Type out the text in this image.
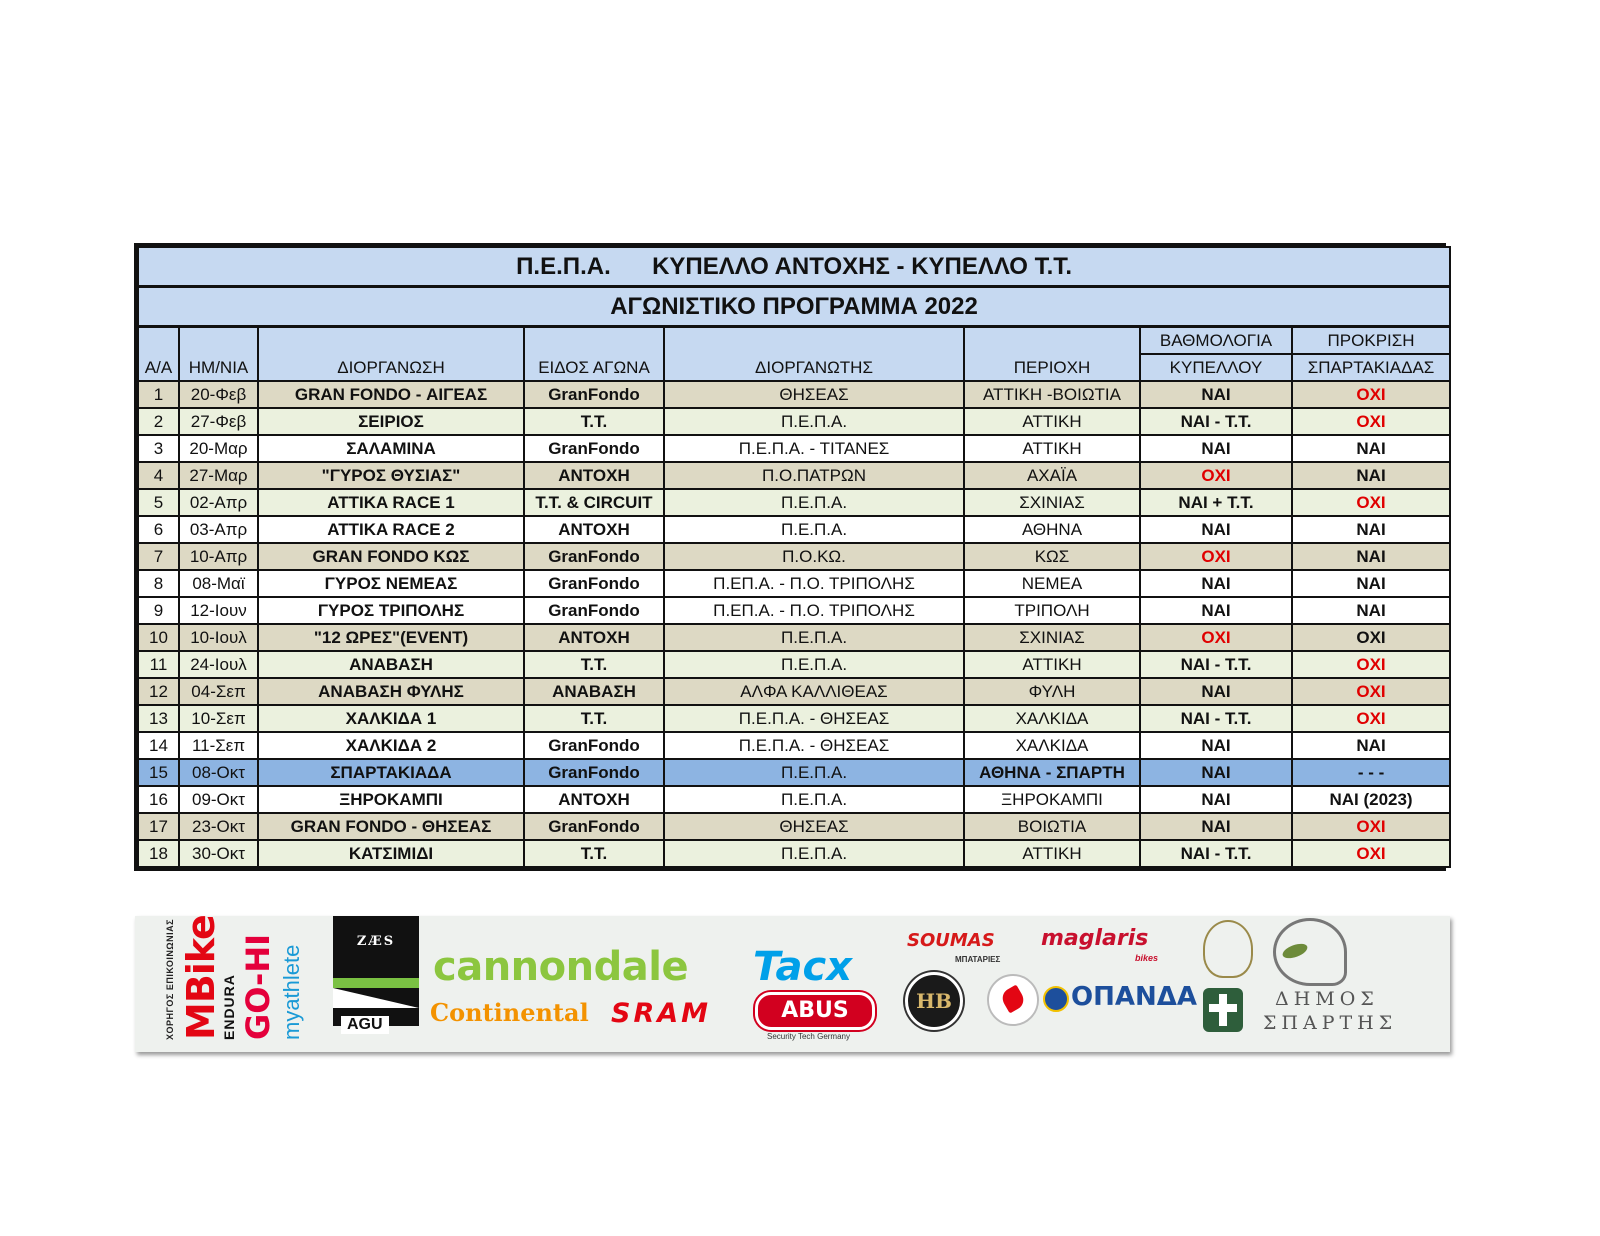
Π.Ε.Π.Α. ΚΥΠΕΛΛΟ ΑΝΤΟΧΗΣ - ΚΥΠΕΛΛΟ Τ.Τ.							
ΑΓΩΝΙΣΤΙΚΟ ΠΡΟΓΡΑΜΜΑ 2022							
Α/Α	ΗΜ/ΝΙΑ	ΔΙΟΡΓΑΝΩΣΗ	ΕΙΔΟΣ ΑΓΩΝΑ	ΔΙΟΡΓΑΝΩΤΗΣ	ΠΕΡΙΟΧΗ	ΒΑΘΜΟΛΟΓΙΑ	ΠΡΟΚΡΙΣΗ
						ΚΥΠΕΛΛΟΥ	ΣΠΑΡΤΑΚΙΑΔΑΣ
1	20-Φεβ	GRAN FONDO - ΑΙΓΕΑΣ	GranFondo	ΘΗΣΕΑΣ	ΑΤΤΙΚΗ -ΒΟΙΩΤΙΑ	ΝΑΙ	ΟΧΙ
2	27-Φεβ	ΣΕΙΡΙΟΣ	Τ.Τ.	Π.Ε.Π.Α.	ΑΤΤΙΚΗ	ΝΑΙ - Τ.Τ.	ΟΧΙ
3	20-Μαρ	ΣΑΛΑΜΙΝΑ	GranFondo	Π.Ε.Π.Α. - ΤΙΤΑΝΕΣ	ΑΤΤΙΚΗ	ΝΑΙ	ΝΑΙ
4	27-Μαρ	"ΓΥΡΟΣ ΘΥΣΙΑΣ"	ΑΝΤΟΧΗ	Π.Ο.ΠΑΤΡΩΝ	ΑΧΑΪΑ	ΟΧΙ	ΝΑΙ
5	02-Απρ	ATTIKA RACE 1	Τ.Τ. & CIRCUIT	Π.Ε.Π.Α.	ΣΧΙΝΙΑΣ	ΝΑΙ + Τ.Τ.	ΟΧΙ
6	03-Απρ	ATTIKA RACE 2	ΑΝΤΟΧΗ	Π.Ε.Π.Α.	ΑΘΗΝΑ	ΝΑΙ	ΝΑΙ
7	10-Απρ	GRAN FONDO ΚΩΣ	GranFondo	Π.Ο.ΚΩ.	ΚΩΣ	ΟΧΙ	ΝΑΙ
8	08-Μαϊ	ΓΥΡΟΣ ΝΕΜΕΑΣ	GranFondo	Π.ΕΠ.Α. - Π.Ο. ΤΡΙΠΟΛΗΣ	ΝΕΜΕΑ	ΝΑΙ	ΝΑΙ
9	12-Ιουν	ΓΥΡΟΣ ΤΡΙΠΟΛΗΣ	GranFondo	Π.ΕΠ.Α. - Π.Ο. ΤΡΙΠΟΛΗΣ	ΤΡΙΠΟΛΗ	ΝΑΙ	ΝΑΙ
10	10-Ιουλ	"12 ΩΡΕΣ"(EVENT)	ΑΝΤΟΧΗ	Π.Ε.Π.Α.	ΣΧΙΝΙΑΣ	ΟΧΙ	ΟΧΙ
11	24-Ιουλ	ΑΝΑΒΑΣΗ	Τ.Τ.	Π.Ε.Π.Α.	ΑΤΤΙΚΗ	ΝΑΙ - Τ.Τ.	ΟΧΙ
12	04-Σεπ	ΑΝΑΒΑΣΗ ΦΥΛΗΣ	ΑΝΑΒΑΣΗ	ΑΛΦΑ ΚΑΛΛΙΘΕΑΣ	ΦΥΛΗ	ΝΑΙ	ΟΧΙ
13	10-Σεπ	ΧΑΛΚΙΔΑ 1	Τ.Τ.	Π.Ε.Π.Α. - ΘΗΣΕΑΣ	ΧΑΛΚΙΔΑ	ΝΑΙ - Τ.Τ.	ΟΧΙ
14	11-Σεπ	ΧΑΛΚΙΔΑ 2	GranFondo	Π.Ε.Π.Α. - ΘΗΣΕΑΣ	ΧΑΛΚΙΔΑ	ΝΑΙ	ΝΑΙ
15	08-Οκτ	ΣΠΑΡΤΑΚΙΑΔΑ	GranFondo	Π.Ε.Π.Α.	ΑΘΗΝΑ - ΣΠΑΡΤΗ	ΝΑΙ	- - -
16	09-Οκτ	ΞΗΡΟΚΑΜΠΙ	ΑΝΤΟΧΗ	Π.Ε.Π.Α.	ΞΗΡΟΚΑΜΠΙ	ΝΑΙ	ΝΑΙ (2023)
17	23-Οκτ	GRAN FONDO - ΘΗΣΕΑΣ	GranFondo	ΘΗΣΕΑΣ	ΒΟΙΩΤΙΑ	ΝΑΙ	ΟΧΙ
18	30-Οκτ	ΚΑΤΣΙΜΙΔΙ	Τ.Τ.	Π.Ε.Π.Α.	ΑΤΤΙΚΗ	ΝΑΙ - Τ.Τ.	ΟΧΙ
ΧΟΡΗΓΟΣ ΕΠΙΚΟΙΝΩΝΙΑΣ MBike
ENDURA GO-HI myathlete
ZÆS
AGU
cannondale Tacx
Continental SRAM	ABUS
Security Tech Germany
SOUMAS
ΜΠΑΤΑΡΙΕΣ
maglaris
bikes
HB	ΟΠΑΝΔΑ	ΔΗΜΟΣ
ΣΠΑΡΤΗΣ
